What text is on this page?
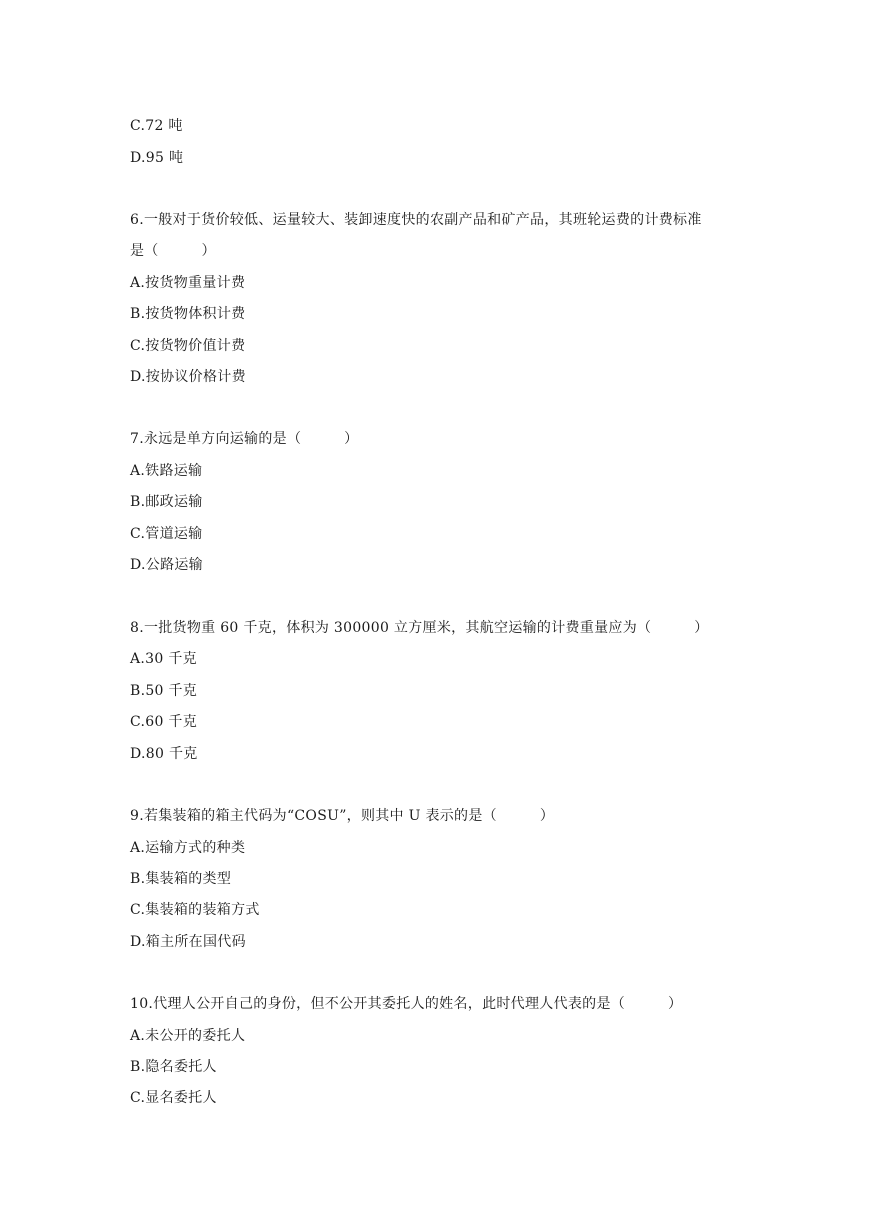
C.72 吨
D.95 吨
6.一般对于货价较低、运量较大、装卸速度快的农副产品和矿产品，其班轮运费的计费标准
是（　　　）
A.按货物重量计费
B.按货物体积计费
C.按货物价值计费
D.按协议价格计费
7.永远是单方向运输的是（　　　）
A.铁路运输
B.邮政运输
C.管道运输
D.公路运输
8.一批货物重 60 千克，体积为 300000 立方厘米，其航空运输的计费重量应为（　　　）
A.30 千克
B.50 千克
C.60 千克
D.80 千克
9.若集装箱的箱主代码为“COSU”，则其中 U 表示的是（　　　）
A.运输方式的种类
B.集装箱的类型
C.集装箱的装箱方式
D.箱主所在国代码
10.代理人公开自己的身份，但不公开其委托人的姓名，此时代理人代表的是（　　　）
A.未公开的委托人
B.隐名委托人
C.显名委托人
